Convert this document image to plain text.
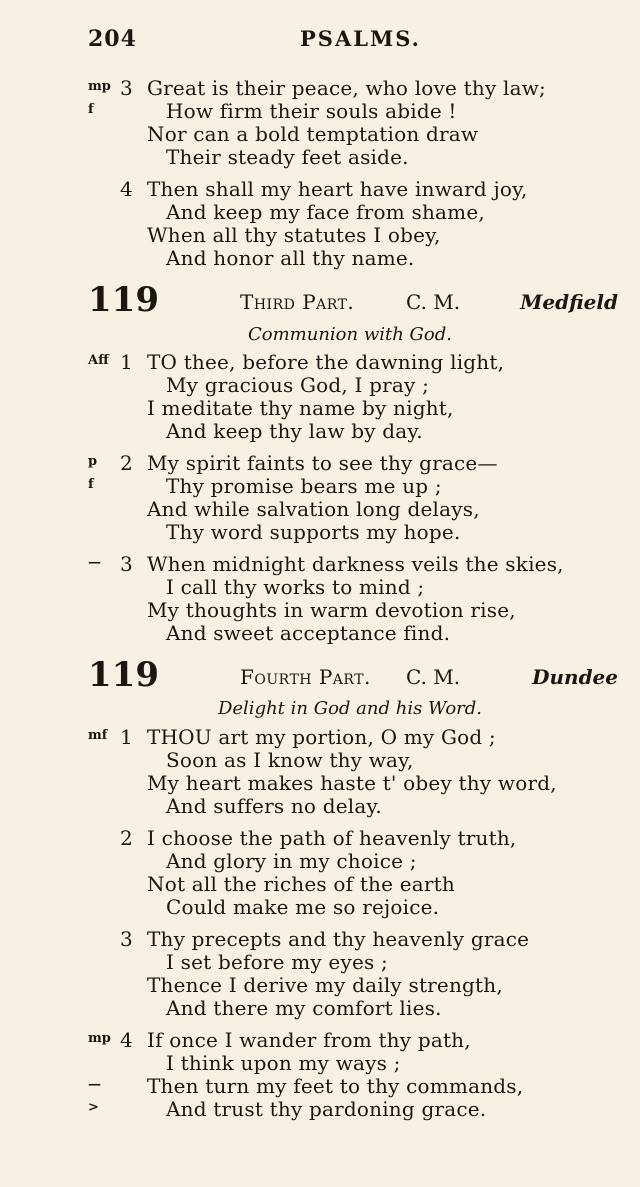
204	PSALMS.
mp 3 Great is their peace, who love thy law;
f	How firm their souls abide !
Nor can a bold temptation draw
Their steady feet aside.
4 Then shall my heart have inward joy,
And keep my face from shame,
When all thy statutes I obey,
And honor all thy name.
119	Third Part.	C. M.	Medfield
Communion with God.
Aff 1 TO thee, before the dawning light,
My gracious God, I pray ;
I meditate thy name by night,
And keep thy law by day.
p 2 My spirit faints to see thy grace—
f	Thy promise bears me up ;
And while salvation long delays,
Thy word supports my hope.
— 3 When midnight darkness veils the skies,
I call thy works to mind ;
My thoughts in warm devotion rise,
And sweet acceptance find.
119	Fourth Part. C. M.	Dundee
Delight in God and his Word.
mf 1 THOU art my portion, O my God ;
Soon as I know thy way,
My heart makes haste t' obey thy word,
And suffers no delay.
2 I choose the path of heavenly truth,
And glory in my choice ;
Not all the riches of the earth
Could make me so rejoice.
3 Thy precepts and thy heavenly grace
I set before my eyes ;
Thence I derive my daily strength,
And there my comfort lies.
mp 4 If once I wander from thy path,
I think upon my ways ;
— Then turn my feet to thy commands,
>	And trust thy pardoning grace.
